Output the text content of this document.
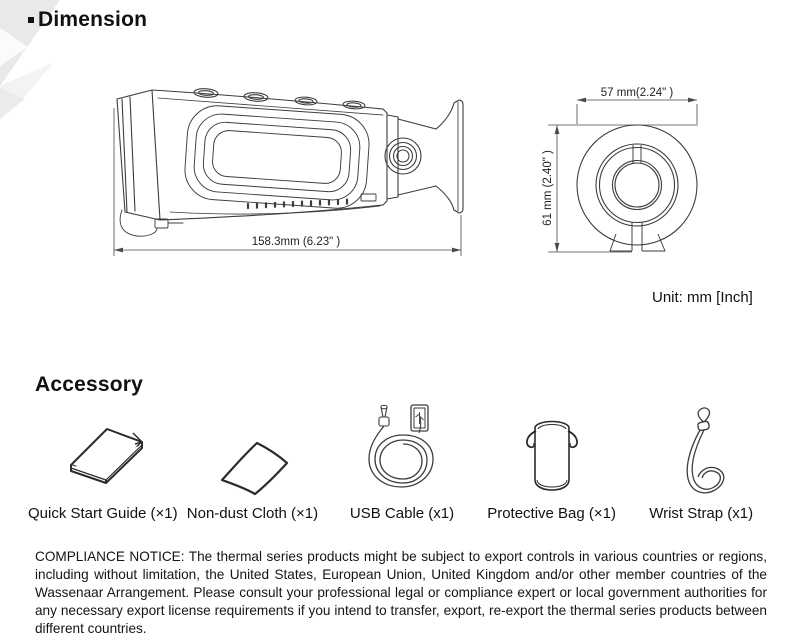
Dimension
158.3mm (6.23" )
57 mm(2.24" )
61 mm (2.40" )
Unit: mm [Inch]
Accessory
Quick Start Guide (×1) Non-dust Cloth (×1) USB Cable (x1) Protective Bag (×1) Wrist Strap (x1)
COMPLIANCE NOTICE: The thermal series products might be subject to export controls in various countries or regions, including without limitation, the United States, European Union, United Kingdom and/or other member countries of the Wassenaar Arrangement. Please consult your professional legal or compliance expert or local government authorities for any necessary export license requirements if you intend to transfer, export, re-export the thermal series products between different countries.
